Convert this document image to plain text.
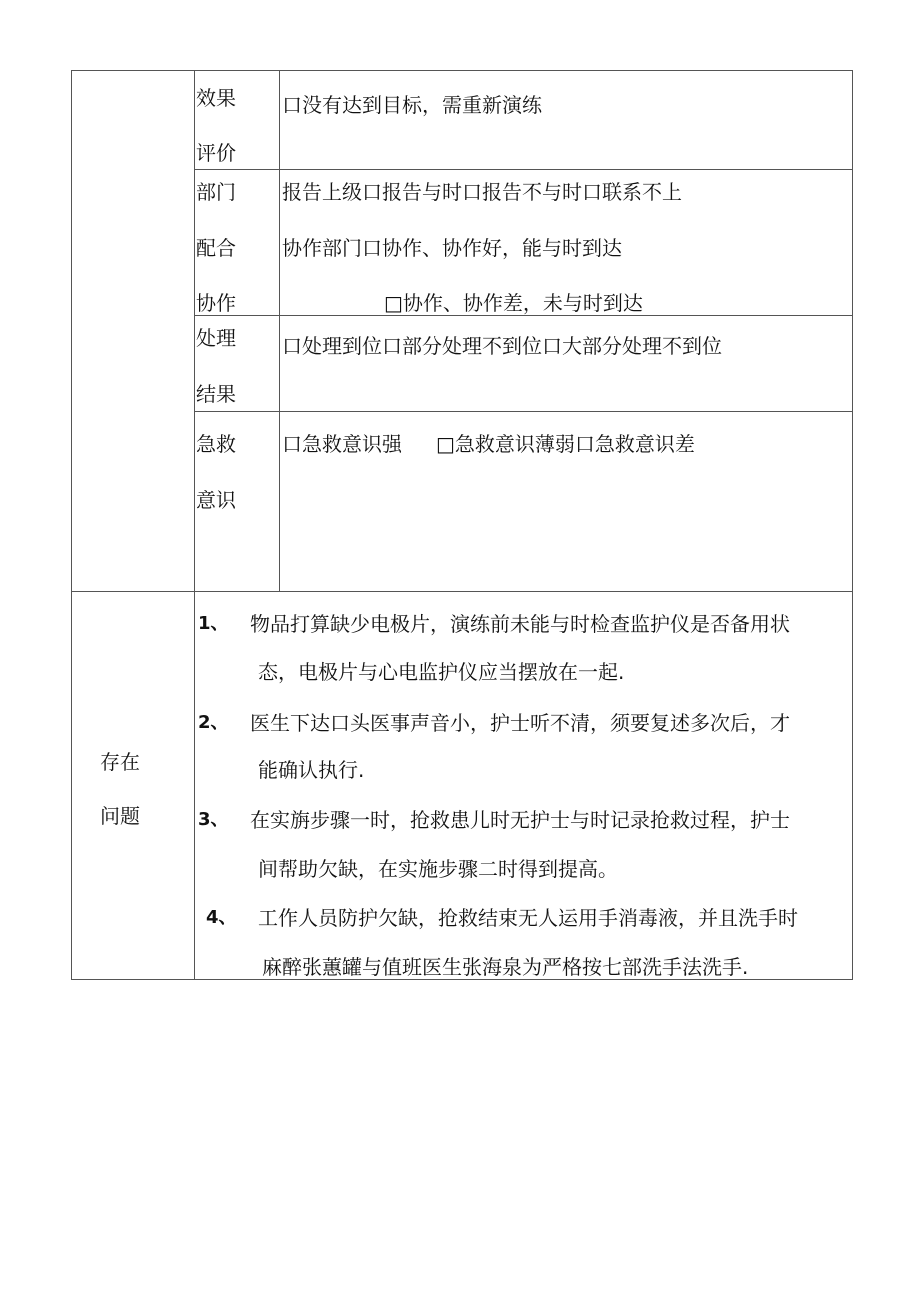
效果
评价
口没有达到目标，需重新演练
部门
配合
协作
报告上级口报告与时口报告不与时口联系不上
协作部门口协作、协作好，能与时到达
□协作、协作差，未与时到达
处理
结果
口处理到位口部分处理不到位口大部分处理不到位
急救
意识
口急救意识强 □急救意识薄弱口急救意识差
存在
问题
1、 物品打算缺少电极片，演练前未能与时检查监护仪是否备用状
态，电极片与心电监护仪应当摆放在一起.
2、 医生下达口头医事声音小，护士听不清，须要复述多次后，才
能确认执行.
3、 在实旃步骤一时，抢救患儿时无护士与时记录抢救过程，护士
间帮助欠缺，在实施步骤二时得到提高。
4、 工作人员防护欠缺，抢救结束无人运用手消毒液，并且洗手时
麻醉张蕙罐与值班医生张海泉为严格按七部洗手法洗手.
